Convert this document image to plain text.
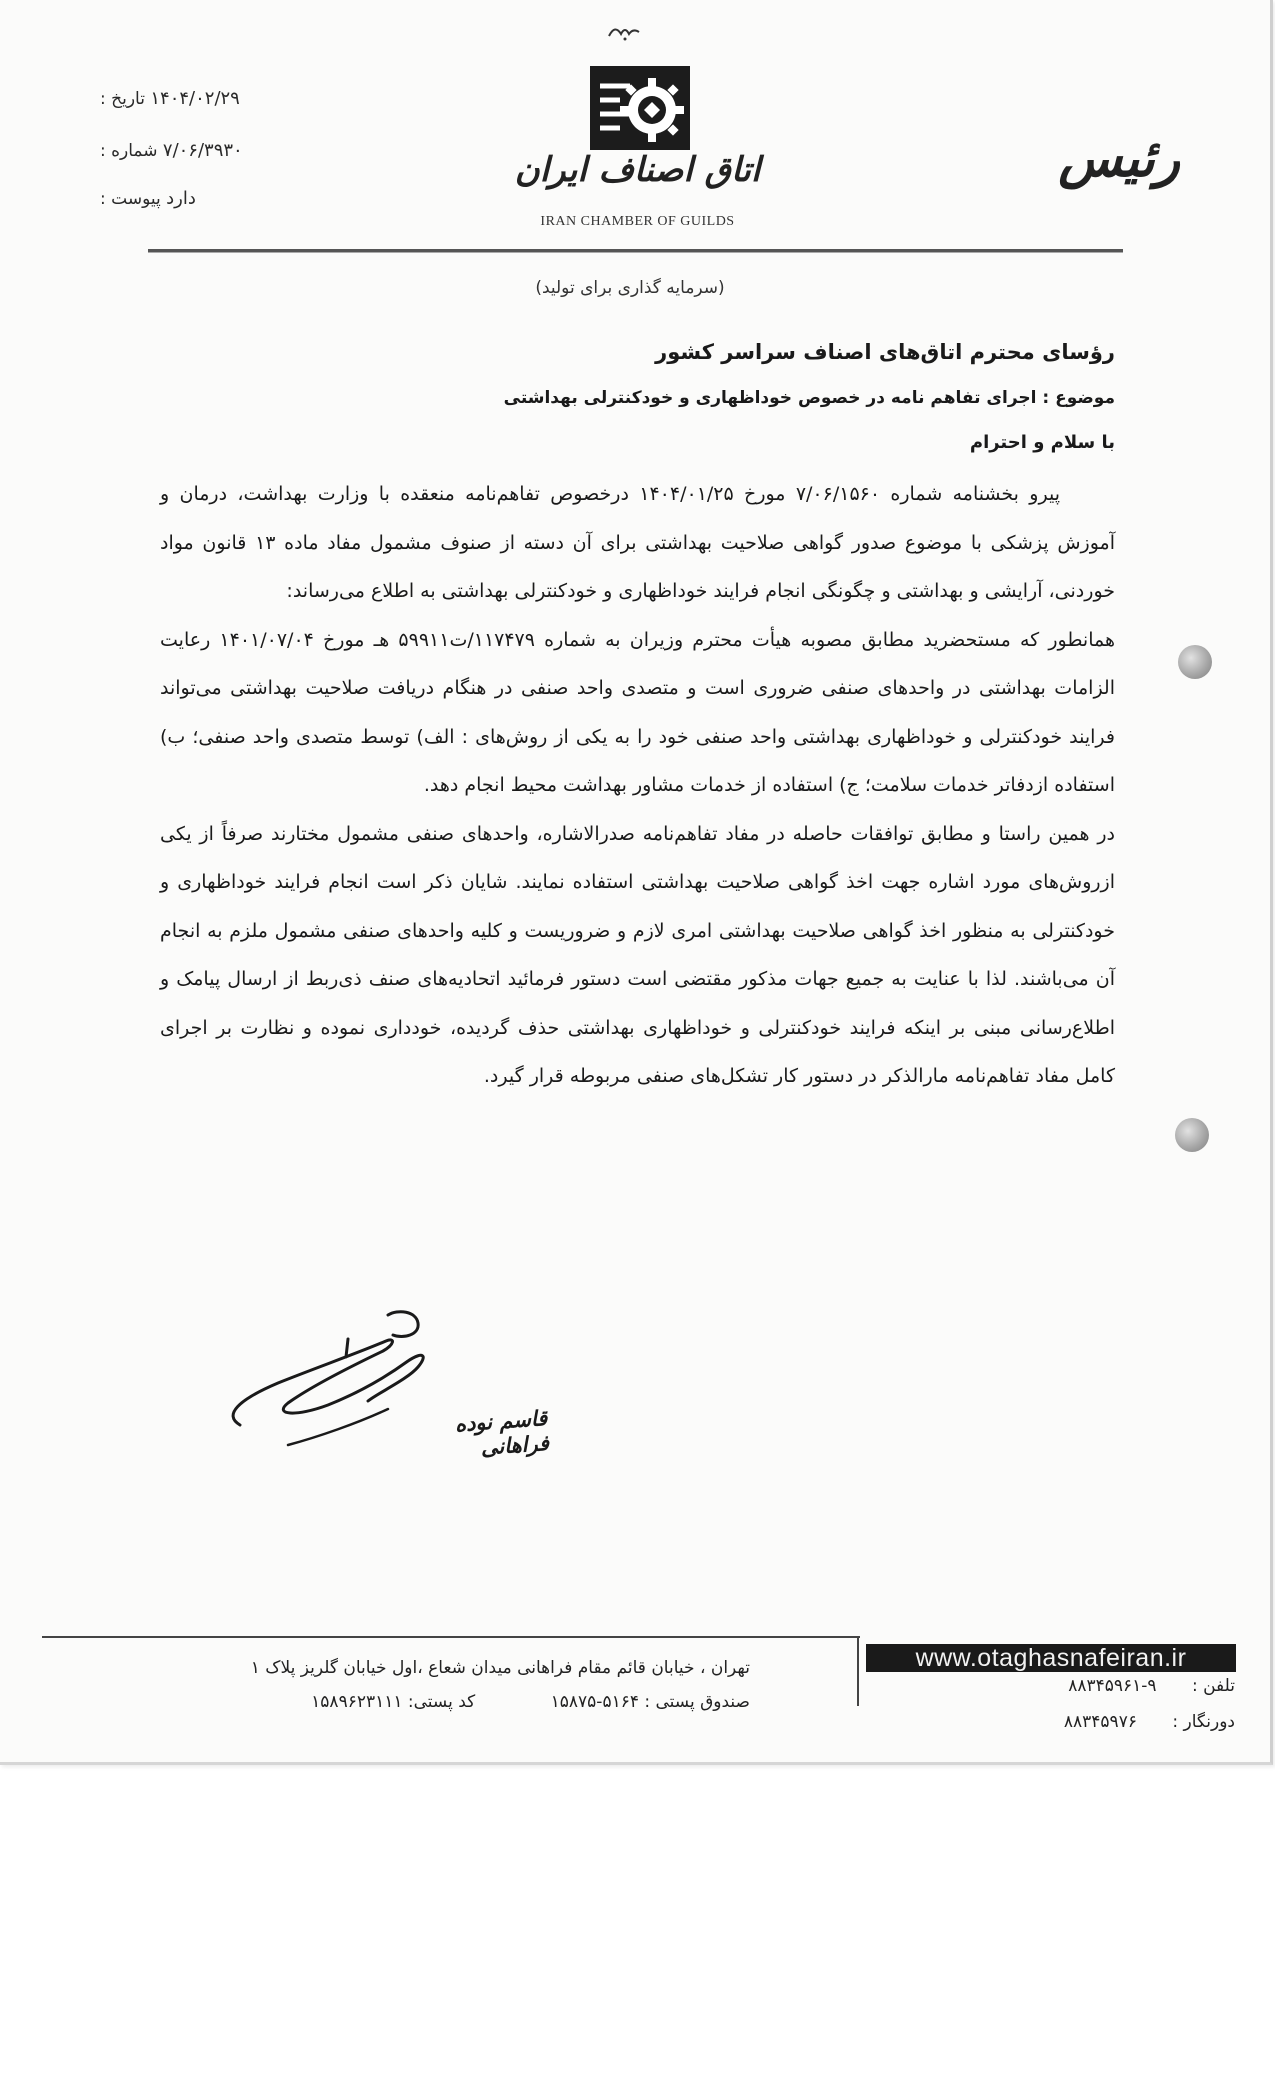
اتاق اصناف ایران
IRAN CHAMBER OF GUILDS
رئیس
تاریخ : ۱۴۰۴/۰۲/۲۹
شماره : ۷/۰۶/۳۹۳۰
پیوست : دارد
(سرمایه گذاری برای تولید)
رؤسای محترم اتاق‌های اصناف سراسر کشور
موضوع : اجرای تفاهم نامه در خصوص خوداظهاری و خودکنترلی بهداشتی
با سلام و احترام

پیرو بخشنامه شماره ۷/۰۶/۱۵۶۰ مورخ ۱۴۰۴/۰۱/۲۵ درخصوص تفاهم‌نامه منعقده با وزارت بهداشت، درمان و آموزش پزشکی با موضوع صدور گواهی صلاحیت بهداشتی برای آن دسته از صنوف مشمول مفاد ماده ۱۳ قانون مواد خوردنی، آرایشی و بهداشتی و چگونگی انجام فرایند خوداظهاری و خودکنترلی بهداشتی به اطلاع می‌رساند:

همانطور که مستحضرید مطابق مصوبه هیأت محترم وزیران به شماره ۱۱۷۴۷۹/ت۵۹۹۱۱ هـ مورخ ۱۴۰۱/۰۷/۰۴ رعایت الزامات بهداشتی در واحدهای صنفی ضروری است و متصدی واحد صنفی در هنگام دریافت صلاحیت بهداشتی می‌تواند فرایند خودکنترلی و خوداظهاری بهداشتی واحد صنفی خود را به یکی از روش‌های : الف) توسط متصدی واحد صنفی؛ ب) استفاده ازدفاتر خدمات سلامت؛ ج) استفاده از خدمات مشاور بهداشت محیط انجام دهد.

در همین راستا و مطابق توافقات حاصله در مفاد تفاهم‌نامه صدرالاشاره، واحدهای صنفی مشمول مختارند صرفاً از یکی ازروش‌های مورد اشاره جهت اخذ گواهی صلاحیت بهداشتی استفاده نمایند. شایان ذکر است انجام فرایند خوداظهاری و خودکنترلی به منظور اخذ گواهی صلاحیت بهداشتی امری لازم و ضروریست و کلیه واحدهای صنفی مشمول ملزم به انجام آن می‌باشند. لذا با عنایت به جمیع جهات مذکور مقتضی است دستور فرمائید اتحادیه‌های صنف ذی‌ربط از ارسال پیامک و اطلاع‌رسانی مبنی بر اینکه فرایند خودکنترلی و خوداظهاری بهداشتی حذف گردیده، خودداری نموده و نظارت بر اجرای کامل مفاد تفاهم‌نامه مارالذکر در دستور کار تشکل‌های صنفی مربوطه قرار گیرد.

قاسم نوده فراهانی
www.otaghasnafeiran.ir
تهران ، خیابان قائم مقام فراهانی میدان شعاع ،اول خیابان گلریز پلاک ۱
صندوق پستی : ۱۵۸۷۵-۵۱۶۴ کد پستی: ۱۵۸۹۶۲۳۱۱۱
تلفن : ۸۸۳۴۵۹۶۱-۹
دورنگار : ۸۸۳۴۵۹۷۶
